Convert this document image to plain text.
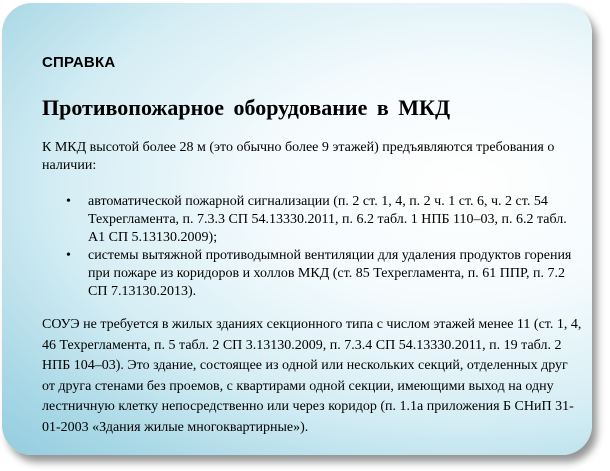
СПРАВКА
Противопожарное оборудование в МКД
К МКД высотой более 28 м (это обычно более 9 этажей) предъявляются требования о наличии:
• автоматической пожарной сигнализации (п. 2 ст. 1, 4, п. 2 ч. 1 ст. 6, ч. 2 ст. 54 Техрегламента, п. 7.3.3 СП 54.13330.2011, п. 6.2 табл. 1 НПБ 110–03, п. 6.2 табл. А1 СП 5.13130.2009);
• системы вытяжной противодымной вентиляции для удаления продуктов горения при пожаре из коридоров и холлов МКД (ст. 85 Техрегламента, п. 61 ППР, п. 7.2 СП 7.13130.2013).
СОУЭ не требуется в жилых зданиях секционного типа с числом этажей менее 11 (ст. 1, 4, 46 Техрегламента, п. 5 табл. 2 СП 3.13130.2009, п. 7.3.4 СП 54.13330.2011, п. 19 табл. 2 НПБ 104–03). Это здание, состоящее из одной или нескольких секций, отделенных друг от друга стенами без проемов, с квартирами одной секции, имеющими выход на одну лестничную клетку непосредственно или через коридор (п. 1.1а приложения Б СНиП 31-01-2003 «Здания жилые многоквартирные»).
